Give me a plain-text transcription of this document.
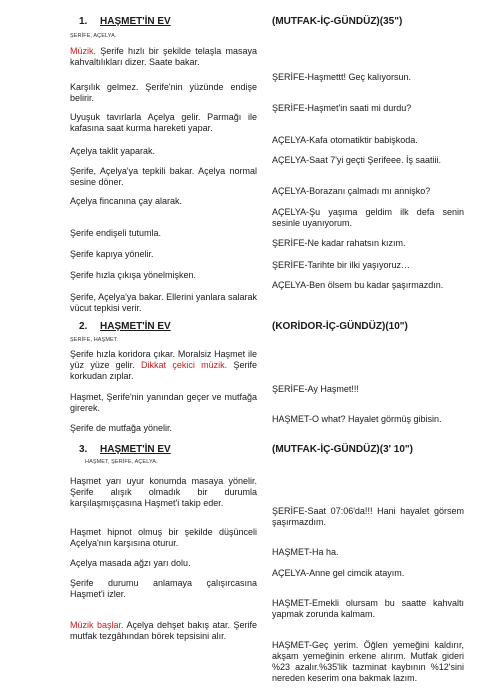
1. HAŞMET'İN EV	(MUTFAK-İÇ-GÜNDÜZ)(35")
ŞERİFE, AÇELYA.
Müzik. Şerife hızlı bir şekilde telaşla masaya kahvaltılıkları dizer. Saate bakar.
Karşılık gelmez. Şerife'nin yüzünde endişe belirir.
Uyuşuk tavırlarla Açelya gelir. Parmağı ile kafasına saat kurma hareketi yapar.
Açelya taklit yaparak.
Şerife, Açelya'ya tepkili bakar. Açelya normal sesine döner.
Açelya fincanına çay alarak.
Şerife endişeli tutumla.
Şerife kapıya yönelir.
Şerife hızla çıkışa yönelmişken.
Şerife, Açelya'ya bakar. Ellerini yanlara salarak vücut tepkisi verir.
ŞERİFE-Haşmettt! Geç kalıyorsun.
ŞERİFE-Haşmet'in saati mi durdu?
AÇELYA-Kafa otomatiktir babişkoda.
AÇELYA-Saat 7'yi geçti Şerifeee. İş saatiii.
AÇELYA-Borazanı çalmadı mı annişko?
AÇELYA-Şu yaşıma geldim ilk defa senin sesinle uyanıyorum.
ŞERİFE-Ne kadar rahatsın kızım.
ŞERİFE-Tarihte bir ilki yaşıyoruz…
AÇELYA-Ben ölsem bu kadar şaşırmazdın.
2. HAŞMET'İN EV	(KORİDOR-İÇ-GÜNDÜZ)(10")
ŞERİFE, HAŞMET.
Şerife hızla koridora çıkar. Moralsiz Haşmet ile yüz yüze gelir. Dikkat çekici müzik. Şerife korkudan zıplar.
Haşmet, Şerife'nin yanından geçer ve mutfağa girerek.
Şerife de mutfağa yönelir.
ŞERİFE-Ay Haşmet!!!
HAŞMET-O what? Hayalet görmüş gibisin.
3. HAŞMET'İN EV	(MUTFAK-İÇ-GÜNDÜZ)(3' 10")
HAŞMET, ŞERİFE, AÇELYA.
Haşmet yarı uyur konumda masaya yönelir. Şerife alışık olmadık bir durumla karşılaşmışçasına Haşmet'i takip eder.
Haşmet hipnot olmuş bir şekilde düşünceli Açelya'nın karşısına oturur.
Açelya masada ağzı yarı dolu.
Şerife durumu anlamaya çalışırcasına Haşmet'i izler.
Müzik başlar. Açelya dehşet bakış atar. Şerife mutfak tezgâhından börek tepsisini alır.
ŞERİFE-Saat 07:06'da!!! Hani hayalet görsem şaşırmazdım.
HAŞMET-Ha ha.
AÇELYA-Anne gel cimcik atayım.
HAŞMET-Emekli olursam bu saatte kahvaltı yapmak zorunda kalmam.
HAŞMET-Geç yerim. Öğlen yemeğini kaldırır, akşam yemeğinin erkene alırım. Mutfak gideri %23 azalır.%35'lik tazminat kaybının %12'sini nereden keserim ona bakmak lazım.
